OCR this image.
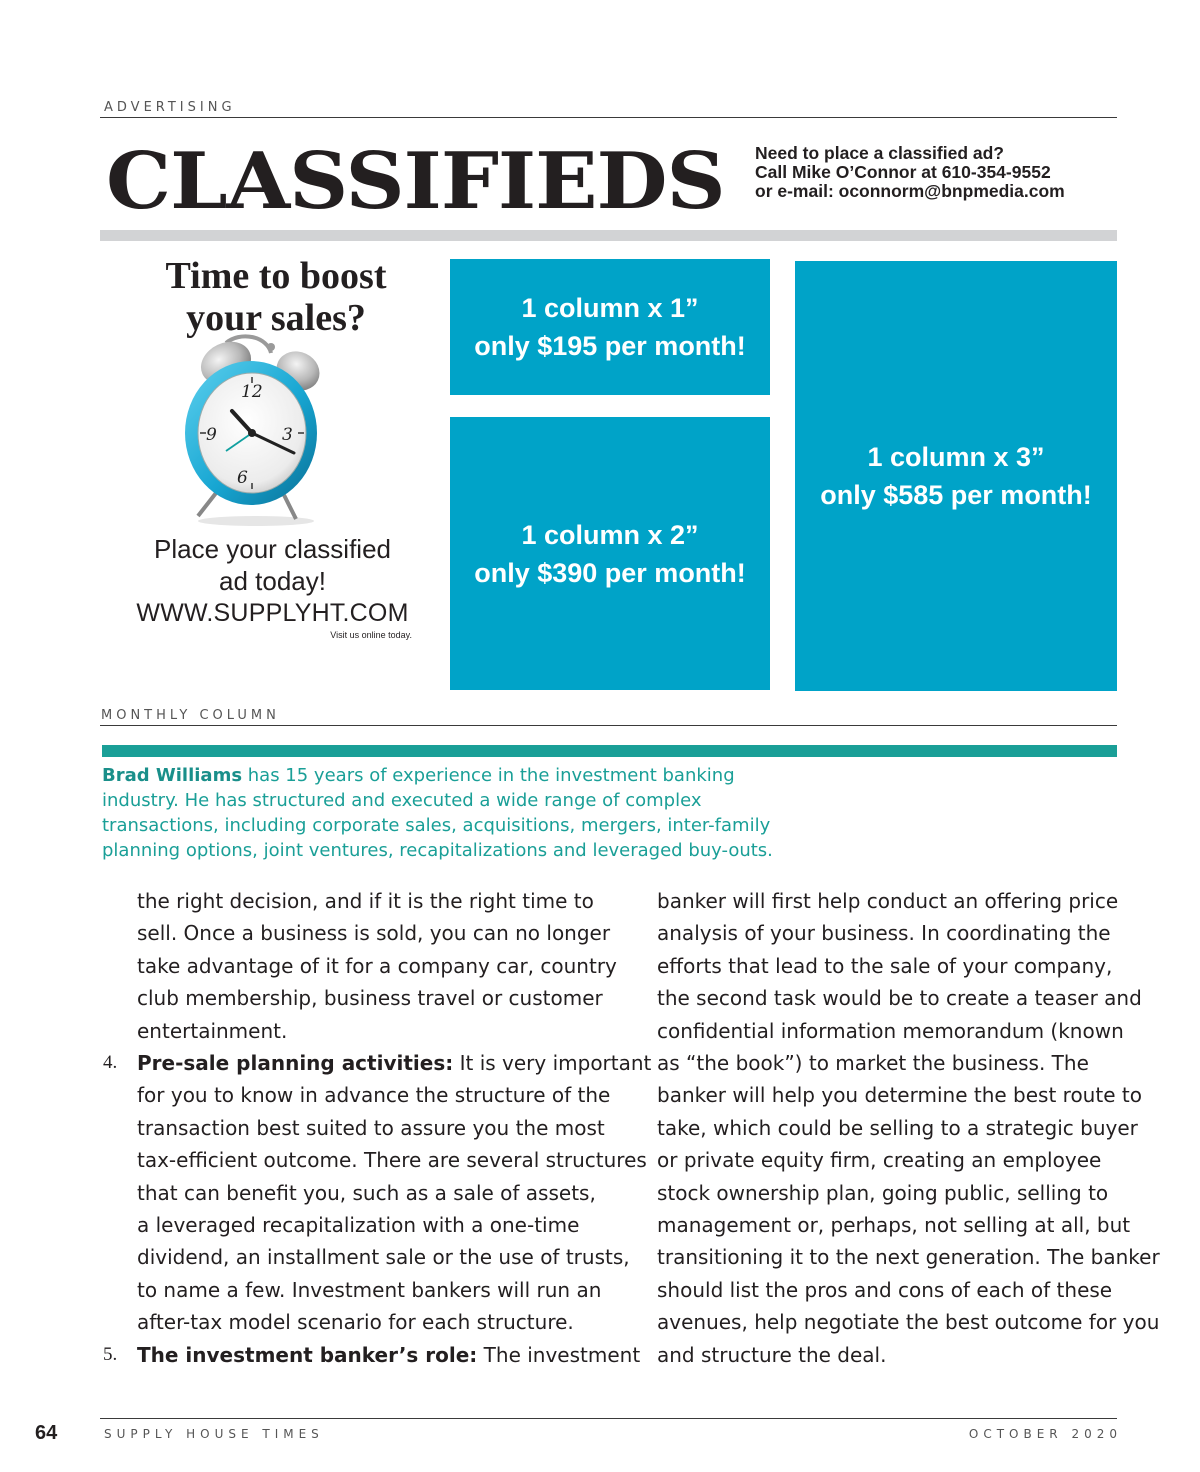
ADVERTISING
CLASSIFIEDS Need to place a classified ad?
Call Mike O’Connor at 610-354-9552
or e-mail: oconnorm@bnpmedia.com
Time to boost
your sales?
12
3
6
9
Place your classified
ad today!
WWW.SUPPLYHT.COM
Visit us online today.
1 column x 1”
only $195 per month!
1 column x 2”
only $390 per month!
1 column x 3”
only $585 per month!
MONTHLY COLUMN
Brad Williams has 15 years of experience in the investment banking
industry. He has structured and executed a wide range of complex
transactions, including corporate sales, acquisitions, mergers, inter-family
planning options, joint ventures, recapitalizations and leveraged buy-outs.

the right decision, and if it is the right time to

sell. Once a business is sold, you can no longer

take advantage of it for a company car, country

club membership, business travel or customer

entertainment.

4. Pre-sale planning activities: It is very important

for you to know in advance the structure of the

transaction best suited to assure you the most

tax-efficient outcome. There are several structures

that can benefit you, such as a sale of assets,

a leveraged recapitalization with a one-time

dividend, an installment sale or the use of trusts,

to name a few. Investment bankers will run an

after-tax model scenario for each structure.

5. The investment banker’s role: The investment

banker will first help conduct an offering price

analysis of your business. In coordinating the

efforts that lead to the sale of your company,

the second task would be to create a teaser and

confidential information memorandum (known

as “the book”) to market the business. The

banker will help you determine the best route to

take, which could be selling to a strategic buyer

or private equity firm, creating an employee

stock ownership plan, going public, selling to

management or, perhaps, not selling at all, but

transitioning it to the next generation. The banker

should list the pros and cons of each of these

avenues, help negotiate the best outcome for you

and structure the deal.

64	SUPPLY HOUSE TIMES	OCTOBER 2020
